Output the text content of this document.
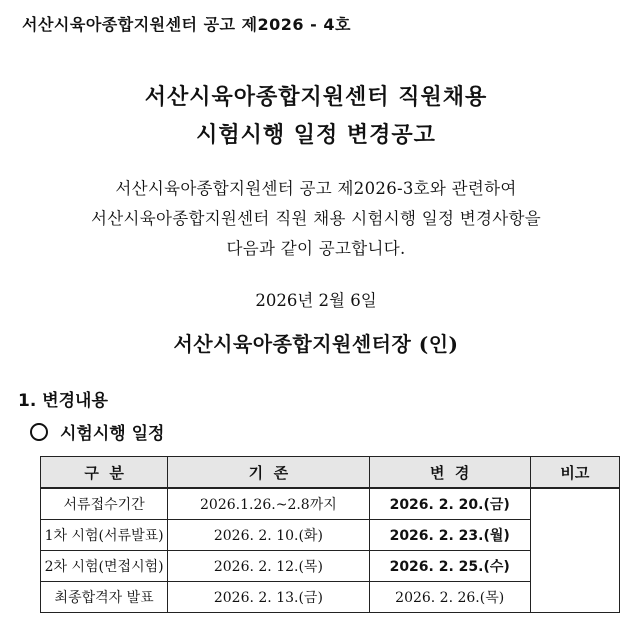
서산시육아종합지원센터 공고 제2026 - 4호
서산시육아종합지원센터 직원채용
시험시행 일정 변경공고
서산시육아종합지원센터 공고 제2026-3호와 관련하여
서산시육아종합지원센터 직원 채용 시험시행 일정 변경사항을
다음과 같이 공고합니다.
2026년 2월 6일
서산시육아종합지원센터장 (인)
1. 변경내용
시험시행 일정
구  분	기  존	변  경	비고
서류접수기간	2026.1.26.~2.8까지	2026. 2. 20.(금)	
1차 시험(서류발표)	2026. 2. 10.(화)	2026. 2. 23.(월)	
2차 시험(면접시험)	2026. 2. 12.(목)	2026. 2. 25.(수)	
최종합격자 발표	2026. 2. 13.(금)	2026. 2. 26.(목)	
